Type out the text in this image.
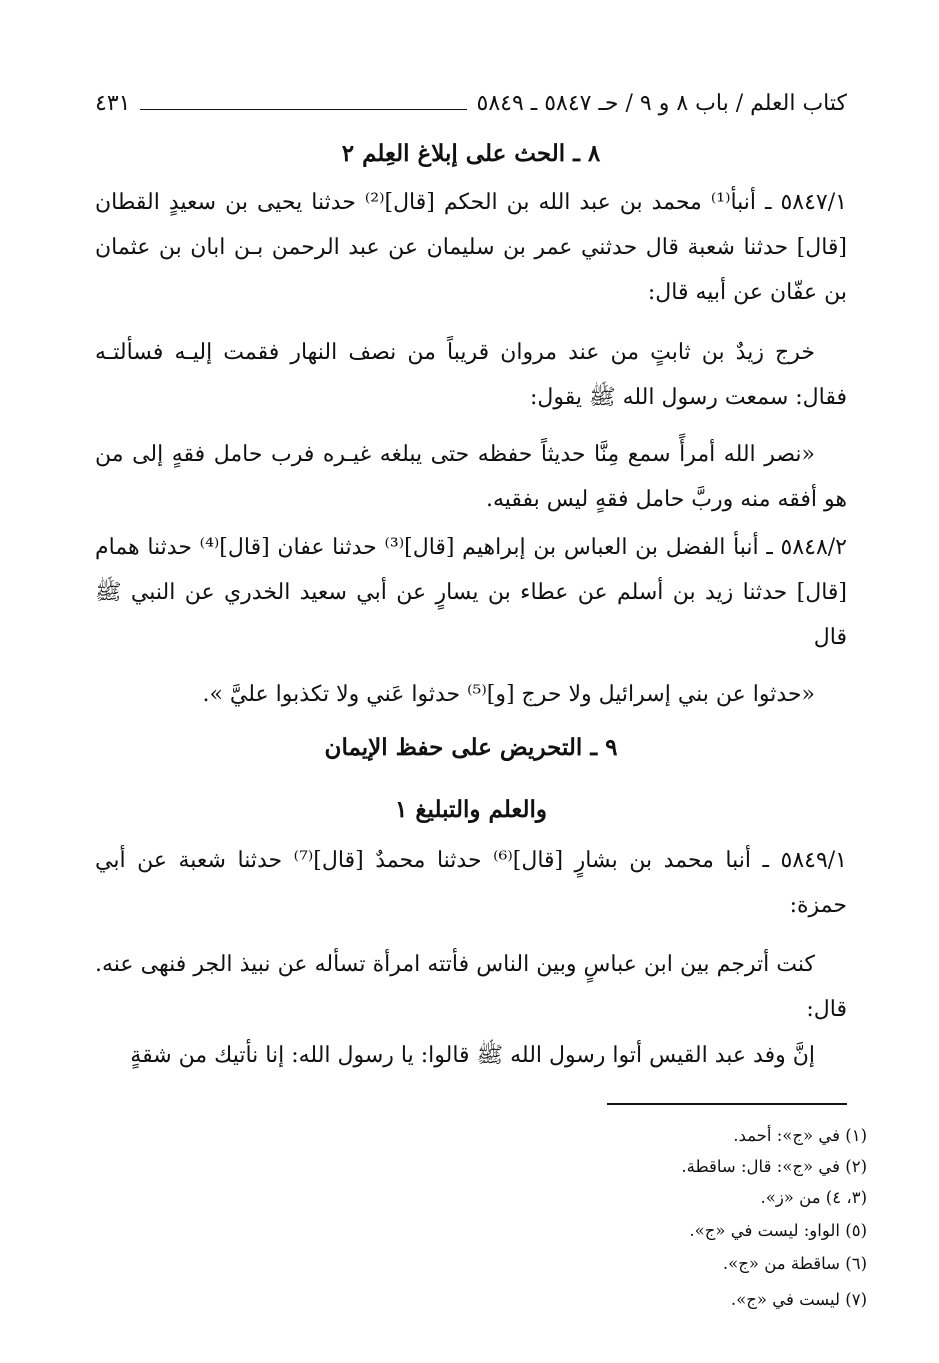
كتاب العلم / باب ٨ و ٩ / حـ ٥٨٤٧ ـ ٥٨٤٩
٤٣١
٨ ـ الحث على إبلاغ العِلم ٢
٥٨٤٧/١ ـ أنبأ⁽¹⁾ محمد بن عبد الله بن الحكم [قال]⁽²⁾ حدثنا يحيى بن سعيدٍ القطان [قال] حدثنا شعبة قال حدثني عمر بن سليمان عن عبد الرحمن بـن ابان بن عثمان بن عفّان عن أبيه قال:
خرج زيدٌ بن ثابتٍ من عند مروان قريباً من نصف النهار فقمت إليـه فسألتـه فقال: سمعت رسول الله ﷺ يقول:
«نصر الله أمرأً سمع مِنَّا حديثاً حفظه حتى يبلغه غيـره فرب حامل فقهٍ إلى من هو أفقه منه وربَّ حامل فقهٍ ليس بفقيه.
٥٨٤٨/٢ ـ أنبأ الفضل بن العباس بن إبراهيم [قال]⁽³⁾ حدثنا عفان [قال]⁽⁴⁾ حدثنا همام [قال] حدثنا زيد بن أسلم عن عطاء بن يسارٍ عن أبي سعيد الخدري عن النبي ﷺ قال
«حدثوا عن بني إسرائيل ولا حرج [و]⁽⁵⁾ حدثوا عَني ولا تكذبوا عليَّ ».
٩ ـ التحريض على حفظ الإيمان
والعلم والتبليغ ١
٥٨٤٩/١ ـ أنبا محمد بن بشارٍ [قال]⁽⁶⁾ حدثنا محمدٌ [قال]⁽⁷⁾ حدثنا شعبة عن أبي حمزة:
كنت أترجم بين ابن عباسٍ وبين الناس فأتته امرأة تسأله عن نبيذ الجر فنهى عنه. قال:
إنَّ وفد عبد القيس أتوا رسول الله ﷺ قالوا: يا رسول الله: إنا نأتيك من شقةٍ
(١) في «ج»: أحمد.
(٢) في «ج»: قال: ساقطة.
(٣، ٤) من «ز».
(٥) الواو: ليست في «ج».
(٦) ساقطة من «ج».
(٧) ليست في «ج».
